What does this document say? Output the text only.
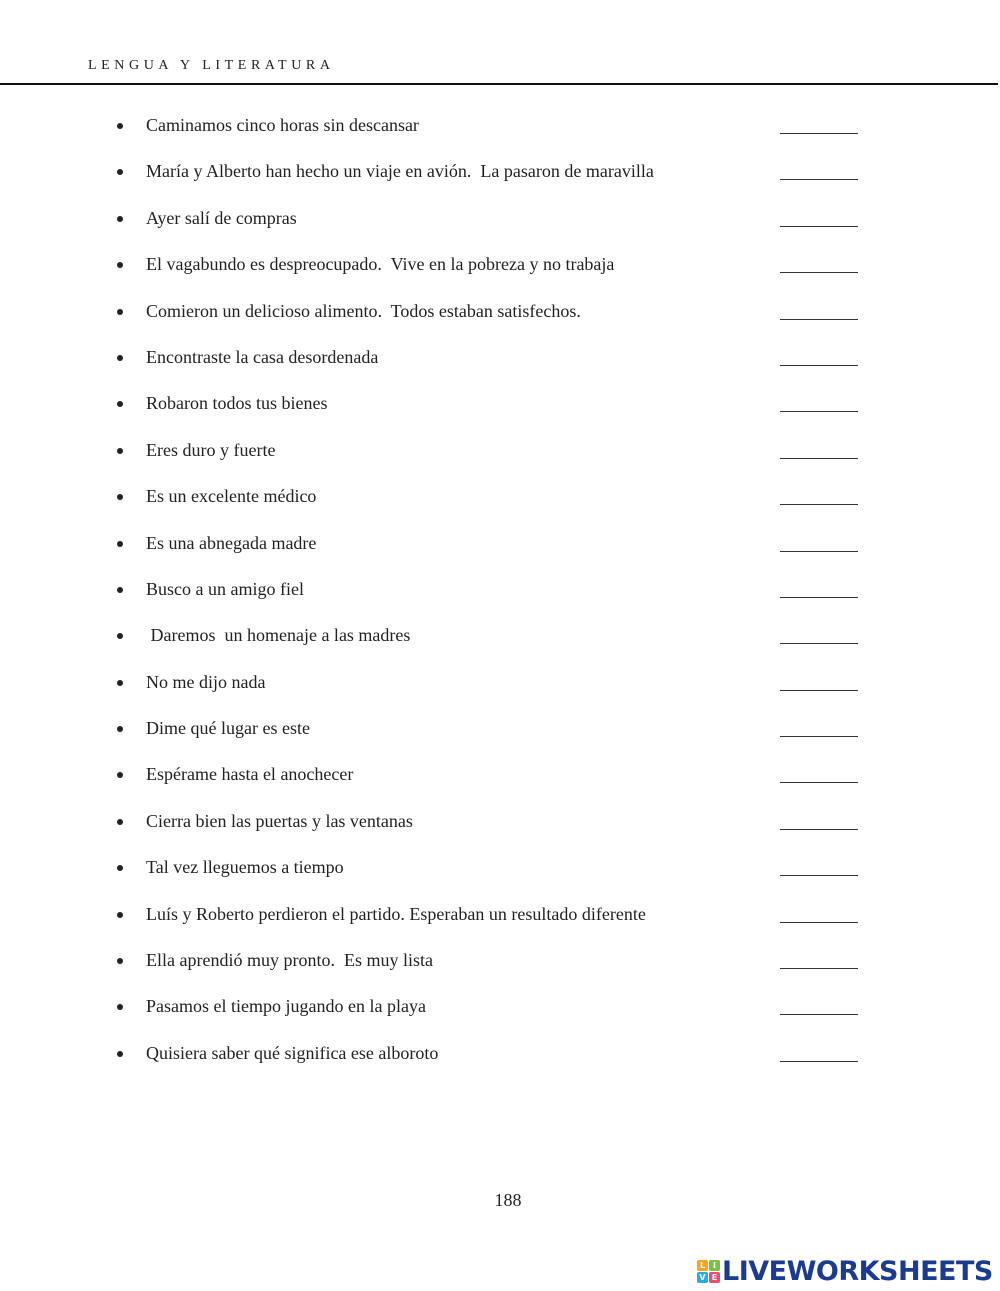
LENGUA Y LITERATURA
Caminamos cinco horas sin descansar
María y Alberto han hecho un viaje en avión.  La pasaron de maravilla
Ayer salí de compras
El vagabundo es despreocupado.  Vive en la pobreza y no trabaja
Comieron un delicioso alimento.  Todos estaban satisfechos.
Encontraste la casa desordenada
Robaron todos tus bienes
Eres duro y fuerte
Es un excelente médico
Es una abnegada madre
Busco a un amigo fiel
Daremos  un homenaje a las madres
No me dijo nada
Dime qué lugar es este
Espérame hasta el anochecer
Cierra bien las puertas y las ventanas
Tal vez lleguemos a tiempo
Luís y Roberto perdieron el partido. Esperaban un resultado diferente
Ella aprendió muy pronto.  Es muy lista
Pasamos el tiempo jugando en la playa
Quisiera saber qué significa ese alboroto
188
L I
V E LIVEWORKSHEETS
